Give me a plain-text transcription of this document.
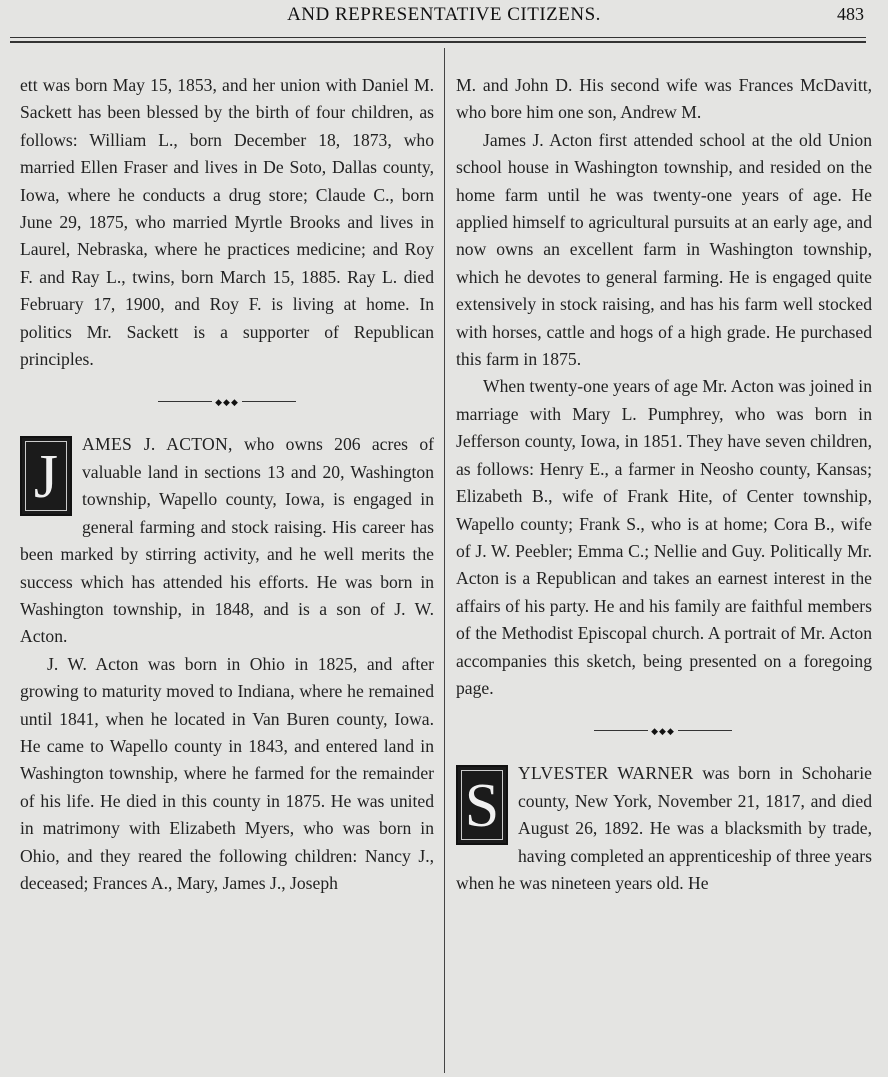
AND REPRESENTATIVE CITIZENS.	483

ett was born May 15, 1853, and her union with Daniel M. Sackett has been blessed by the birth of four children, as follows: William L., born December 18, 1873, who married Ellen Fraser and lives in De Soto, Dallas county, Iowa, where he conducts a drug store; Claude C., born June 29, 1875, who married Myrtle Brooks and lives in Laurel, Nebraska, where he practices medicine; and Roy F. and Ray L., twins, born March 15, 1885. Ray L. died February 17, 1900, and Roy F. is living at home. In politics Mr. Sackett is a supporter of Republican principles.

◆◆◆

J	AMES J. ACTON, who owns 206 acres of valuable land in sections 13 and 20, Washington township, Wapello county, Iowa, is engaged in general farming and stock raising. His career has been marked by stirring activity, and he well merits the success which has attended his efforts. He was born in Washington township, in 1848, and is a son of J. W. Acton.

J. W. Acton was born in Ohio in 1825, and after growing to maturity moved to Indiana, where he remained until 1841, when he located in Van Buren county, Iowa. He came to Wapello county in 1843, and entered land in Washington township, where he farmed for the remainder of his life. He died in this county in 1875. He was united in matrimony with Elizabeth Myers, who was born in Ohio, and they reared the following children: Nancy J., deceased; Frances A., Mary, James J., Joseph

M. and John D. His second wife was Frances McDavitt, who bore him one son, Andrew M.

James J. Acton first attended school at the old Union school house in Washington township, and resided on the home farm until he was twenty-one years of age. He applied himself to agricultural pursuits at an early age, and now owns an excellent farm in Washington township, which he devotes to general farming. He is engaged quite extensively in stock raising, and has his farm well stocked with horses, cattle and hogs of a high grade. He purchased this farm in 1875.

When twenty-one years of age Mr. Acton was joined in marriage with Mary L. Pumphrey, who was born in Jefferson county, Iowa, in 1851. They have seven children, as follows: Henry E., a farmer in Neosho county, Kansas; Elizabeth B., wife of Frank Hite, of Center township, Wapello county; Frank S., who is at home; Cora B., wife of J. W. Peebler; Emma C.; Nellie and Guy. Politically Mr. Acton is a Republican and takes an earnest interest in the affairs of his party. He and his family are faithful members of the Methodist Episcopal church. A portrait of Mr. Acton accompanies this sketch, being presented on a foregoing page.

◆◆◆

S	YLVESTER WARNER was born in Schoharie county, New York, November 21, 1817, and died August 26, 1892. He was a blacksmith by trade, having completed an apprenticeship of three years when he was nineteen years old. He
